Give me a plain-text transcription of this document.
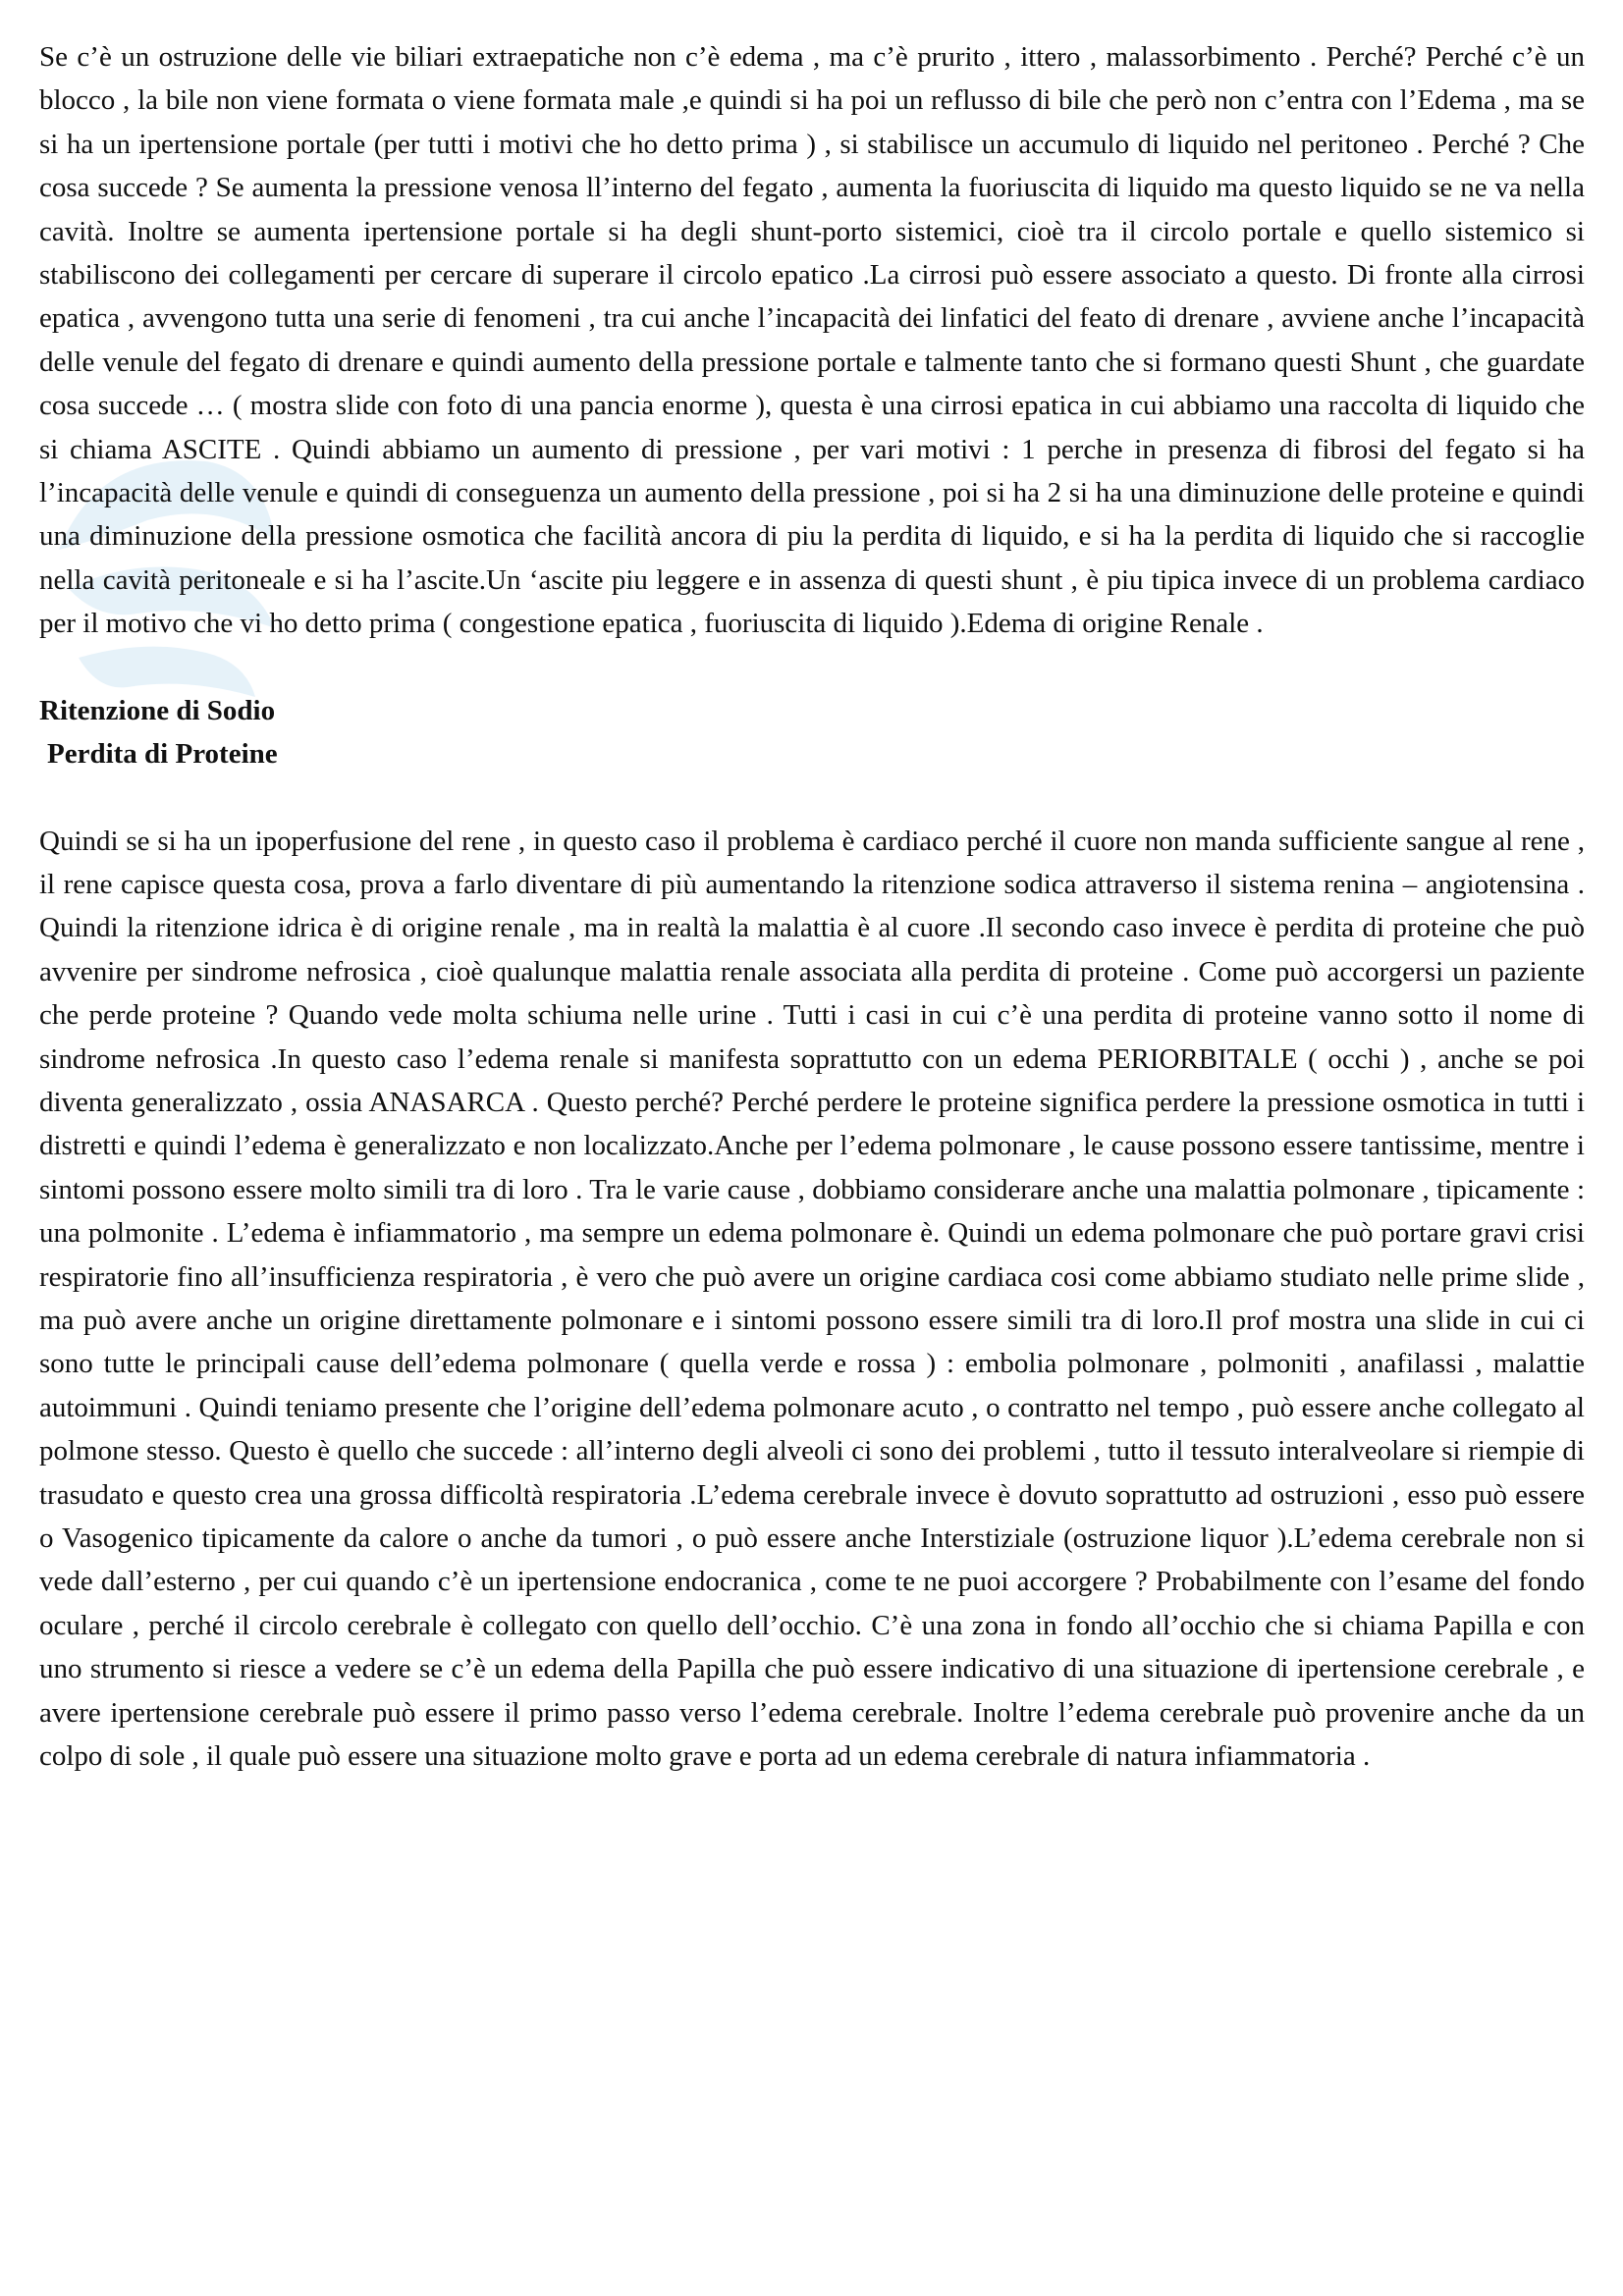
Se c’è un ostruzione delle vie biliari extraepatiche non c’è edema , ma c’è prurito , ittero , malassorbimento . Perché? Perché c’è un blocco , la bile non viene formata o viene formata male ,e quindi si ha poi un reflusso di bile che però non c’entra con l’Edema , ma se si ha un ipertensione portale (per tutti i motivi che ho detto prima ) , si stabilisce un accumulo di liquido nel peritoneo . Perché ? Che cosa succede ? Se aumenta la pressione venosa ll’interno del fegato , aumenta la fuoriuscita di liquido ma questo liquido se ne va nella cavità. Inoltre se aumenta ipertensione portale si ha degli shunt-porto sistemici, cioè tra il circolo portale e quello sistemico si stabiliscono dei collegamenti per cercare di superare il circolo epatico .La cirrosi può essere associato a questo. Di fronte alla cirrosi epatica , avvengono tutta una serie di fenomeni , tra cui anche l’incapacità dei linfatici del feato di drenare , avviene anche l’incapacità delle venule del fegato di drenare e quindi aumento della pressione portale e talmente tanto che si formano questi Shunt , che guardate cosa succede … ( mostra slide con foto di una pancia enorme ), questa è una cirrosi epatica in cui abbiamo una raccolta di liquido che si chiama ASCITE . Quindi abbiamo un aumento di pressione , per vari motivi : 1 perche in presenza di fibrosi del fegato si ha l’incapacità delle venule e quindi di conseguenza un aumento della pressione , poi si ha 2 si ha una diminuzione delle proteine e quindi una diminuzione della pressione osmotica che facilità ancora di piu la perdita di liquido, e si ha la perdita di liquido che si raccoglie nella cavità peritoneale e si ha l’ascite.Un ‘ascite piu leggere e in assenza di questi shunt , è piu tipica invece di un problema cardiaco per il motivo che vi ho detto prima ( congestione epatica , fuoriuscita di liquido ).Edema di origine Renale .

Ritenzione di Sodio

Perdita di Proteine

Quindi se si ha un ipoperfusione del rene , in questo caso il problema è cardiaco perché il cuore non manda sufficiente sangue al rene , il rene capisce questa cosa, prova a farlo diventare di più aumentando la ritenzione sodica attraverso il sistema renina – angiotensina . Quindi la ritenzione idrica è di origine renale , ma in realtà la malattia è al cuore .Il secondo caso invece è perdita di proteine che può avvenire per sindrome nefrosica , cioè qualunque malattia renale associata alla perdita di proteine . Come può accorgersi un paziente che perde proteine ? Quando vede molta schiuma nelle urine . Tutti i casi in cui c’è una perdita di proteine vanno sotto il nome di sindrome nefrosica .In questo caso l’edema renale si manifesta soprattutto con un edema PERIORBITALE ( occhi ) , anche se poi diventa generalizzato , ossia ANASARCA . Questo perché? Perché perdere le proteine significa perdere la pressione osmotica in tutti i distretti e quindi l’edema è generalizzato e non localizzato.Anche per l’edema polmonare , le cause possono essere tantissime, mentre i sintomi possono essere molto simili tra di loro . Tra le varie cause , dobbiamo considerare anche una malattia polmonare , tipicamente : una polmonite . L’edema è infiammatorio , ma sempre un edema polmonare è. Quindi un edema polmonare che può portare gravi crisi respiratorie fino all’insufficienza respiratoria , è vero che può avere un origine cardiaca cosi come abbiamo studiato nelle prime slide , ma può avere anche un origine direttamente polmonare e i sintomi possono essere simili tra di loro.Il prof mostra una slide in cui ci sono tutte le principali cause dell’edema polmonare ( quella verde e rossa ) : embolia polmonare , polmoniti , anafilassi , malattie autoimmuni . Quindi teniamo presente che l’origine dell’edema polmonare acuto , o contratto nel tempo , può essere anche collegato al polmone stesso. Questo è quello che succede : all’interno degli alveoli ci sono dei problemi , tutto il tessuto interalveolare si riempie di trasudato e questo crea una grossa difficoltà respiratoria .L’edema cerebrale invece è dovuto soprattutto ad ostruzioni , esso può essere o Vasogenico tipicamente da calore o anche da tumori , o può essere anche Interstiziale (ostruzione liquor ).L’edema cerebrale non si vede dall’esterno , per cui quando c’è un ipertensione endocranica , come te ne puoi accorgere ? Probabilmente con l’esame del fondo oculare , perché il circolo cerebrale è collegato con quello dell’occhio. C’è una zona in fondo all’occhio che si chiama Papilla e con uno strumento si riesce a vedere se c’è un edema della Papilla che può essere indicativo di una situazione di ipertensione cerebrale , e avere ipertensione cerebrale può essere il primo passo verso l’edema cerebrale. Inoltre l’edema cerebrale può provenire anche da un colpo di sole , il quale può essere una situazione molto grave e porta ad un edema cerebrale di natura infiammatoria .
